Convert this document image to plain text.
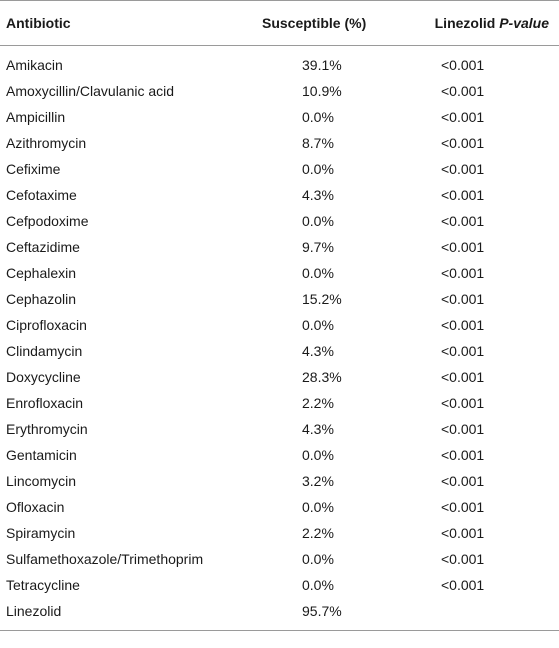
Antibiotic	Susceptible (%)	Linezolid P-value
Amikacin	39.1%	<0.001
Amoxycillin/Clavulanic acid	10.9%	<0.001
Ampicillin	0.0%	<0.001
Azithromycin	8.7%	<0.001
Cefixime	0.0%	<0.001
Cefotaxime	4.3%	<0.001
Cefpodoxime	0.0%	<0.001
Ceftazidime	9.7%	<0.001
Cephalexin	0.0%	<0.001
Cephazolin	15.2%	<0.001
Ciprofloxacin	0.0%	<0.001
Clindamycin	4.3%	<0.001
Doxycycline	28.3%	<0.001
Enrofloxacin	2.2%	<0.001
Erythromycin	4.3%	<0.001
Gentamicin	0.0%	<0.001
Lincomycin	3.2%	<0.001
Ofloxacin	0.0%	<0.001
Spiramycin	2.2%	<0.001
Sulfamethoxazole/Trimethoprim	0.0%	<0.001
Tetracycline	0.0%	<0.001
Linezolid	95.7%	
